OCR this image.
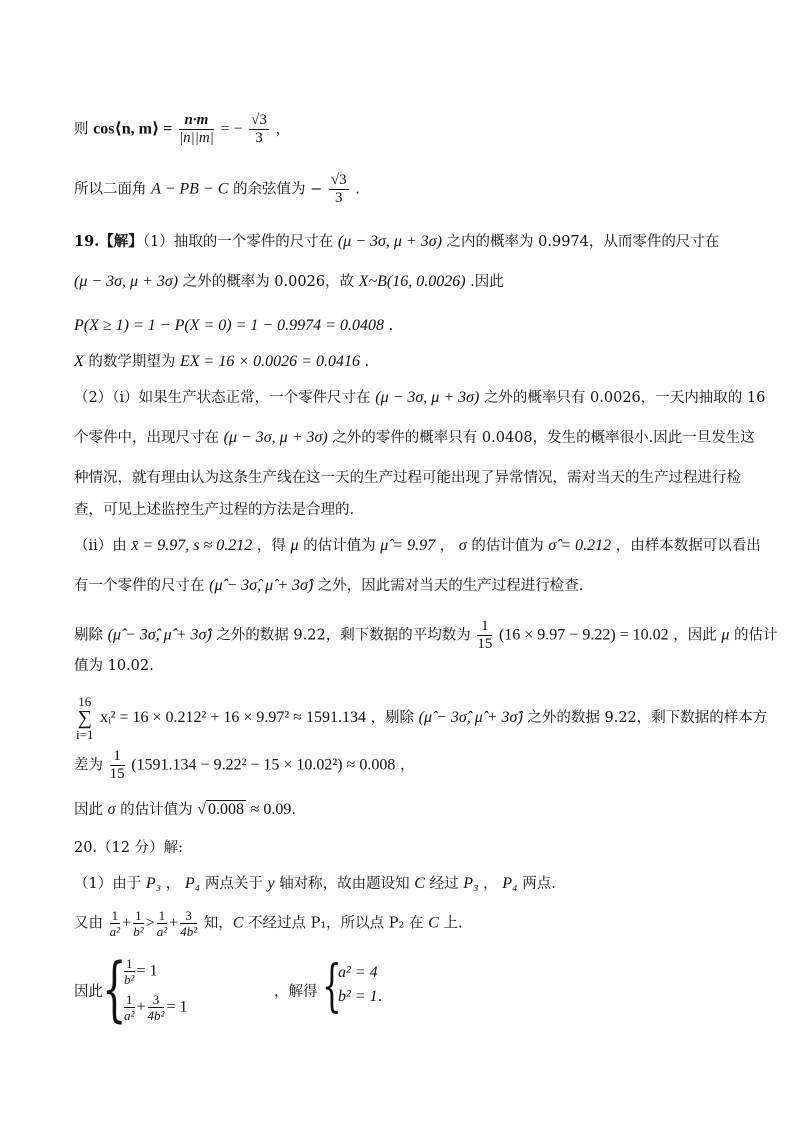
则 cos⟨n, m⟩ = $\frac{n\cdot m}{|n||m|}$ = − $\frac{√3}{3}$ ，
所以二面角 A − PB − C 的余弦值为 − $\frac{√3}{3}$ .
19.【解】（1）抽取的一个零件的尺寸在 (μ − 3σ, μ + 3σ) 之内的概率为 0.9974，从而零件的尺寸在
(μ − 3σ, μ + 3σ) 之外的概率为 0.0026，故 X~B(16, 0.0026) .因此
P(X ≥ 1) = 1 − P(X = 0) = 1 − 0.9974 = 0.0408 .
X 的数学期望为 EX = 16 × 0.0026 = 0.0416 .
（2）（i）如果生产状态正常，一个零件尺寸在 (μ − 3σ, μ + 3σ) 之外的概率只有 0.0026，一天内抽取的 16
个零件中，出现尺寸在 (μ − 3σ, μ + 3σ) 之外的零件的概率只有 0.0408，发生的概率很小.因此一旦发生这
种情况，就有理由认为这条生产线在这一天的生产过程可能出现了异常情况，需对当天的生产过程进行检
查，可见上述监控生产过程的方法是合理的.
（ii）由 x̄ = 9.97, s ≈ 0.212 ，得 μ 的估计值为 μ̂ = 9.97 ， σ 的估计值为 σ̂ = 0.212 ，由样本数据可以看出
有一个零件的尺寸在 (μ̂ − 3σ̂, μ̂ + 3σ̂) 之外，因此需对当天的生产过程进行检查.
剔除 (μ̂ − 3σ̂, μ̂ + 3σ̂) 之外的数据 9.22，剩下数据的平均数为 $\frac{1}{15} (16 \times 9.97 - 9.22) = 10.02$ ，因此 μ 的估计
值为 10.02.
16
∑
i=1
xᵢ² = 16 × 0.212² + 16 × 9.97² ≈ 1591.134 ，剔除 (μ̂ − 3σ̂, μ̂ + 3σ̂) 之外的数据 9.22，剩下数据的样本方
差为 $\frac{1}{15} (1591.134 - 9.22^2 - 15 \times 10.02^2) \approx 0.008$ ，
因此 σ 的估计值为 √ 0.008 ≈ 0.09.
20.（12 分）解:
（1）由于 P₃ ， P₄ 两点关于 y 轴对称，故由题设知 C 经过 P₃ ， P₄ 两点.
又由 $\frac{1}{\text{a²}} + \frac{1}{\text{b²}} > \frac{1}{\text{a²}} + \frac{3}{\text{4b²}}$ 知，C 不经过点 P₁，所以点 P₂ 在 C 上.
因此 {
$\frac{1}{\text{b²}} = 1$
$\frac{1}{\text{a²}} + \frac{3}{\text{4b²}} = 1$
，解得 {
a² = 4
b² = 1.
